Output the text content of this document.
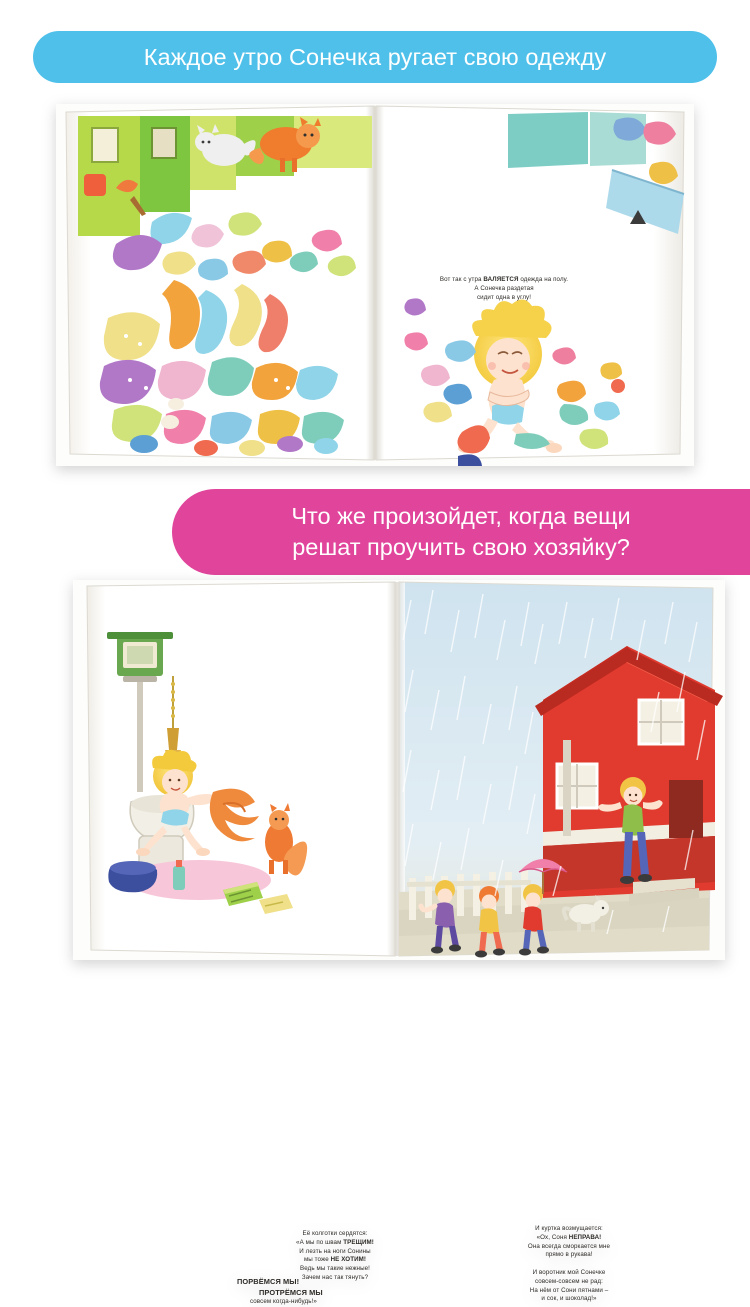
Каждое утро Сонечка ругает свою одежду
Вот так с утра ВАЛЯЕТСЯ одежда на полу.
А Сонечка раздетая
сидит одна в углу!
Что же произойдет, когда вещи
решат проучить свою хозяйку?
Её колготки сердятся:
«А мы по швам ТРЕЩИМ!
И лезть на ноги Сонины
мы тоже НЕ ХОТИМ!
Ведь мы такие нежные!
Зачем нас так тянуть?
ПОРВЁМСЯ МЫ!
ПРОТРЁМСЯ МЫ
совсем когда-нибудь!»
И куртка возмущается:
«Ох, Соня НЕПРАВА!
Она всегда сморкается мне
прямо в рукава!

И воротник мой Сонечке
совсем-совсем не рад:
На нём от Сони пятнами –
и сок, и шоколад!»
